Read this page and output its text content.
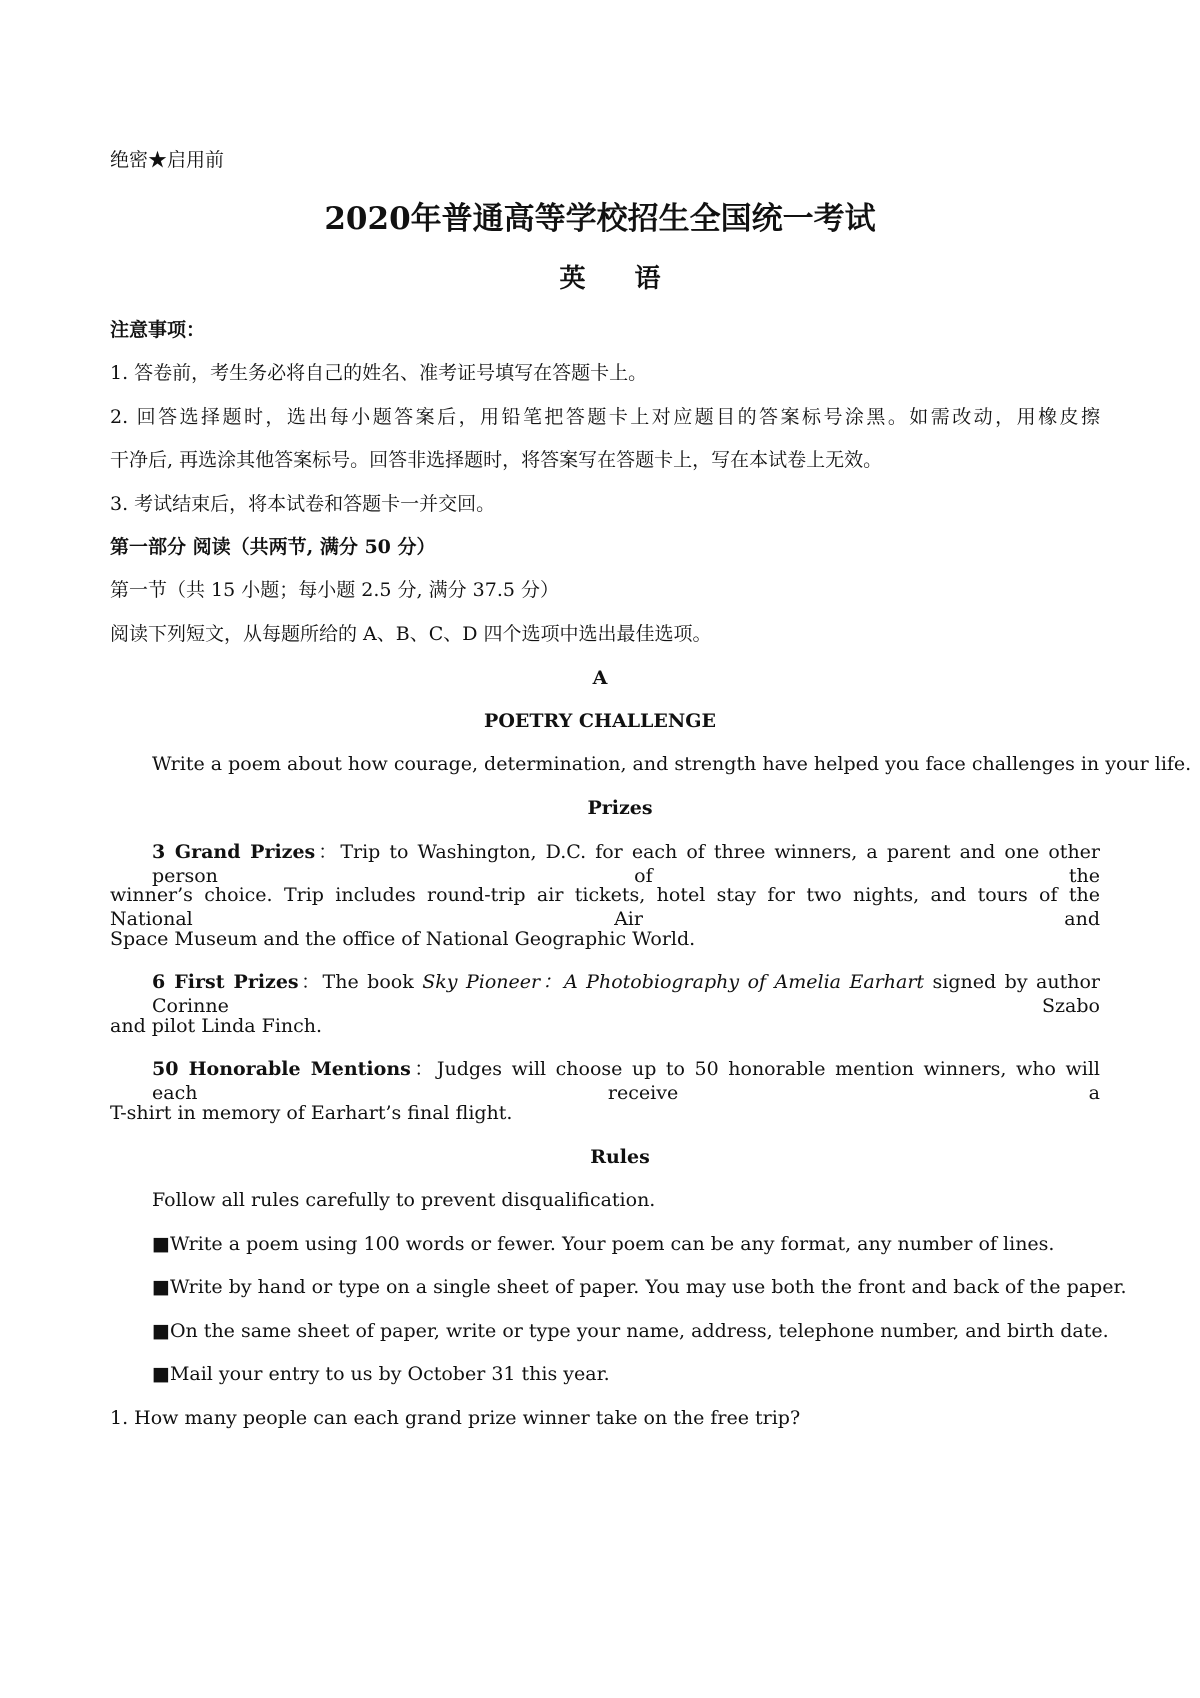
绝密★启用前
2020年普通高等学校招生全国统一考试
英 语
注意事项：
1. 答卷前，考生务必将自己的姓名、准考证号填写在答题卡上。
2. 回答选择题时，选出每小题答案后，用铅笔把答题卡上对应题目的答案标号涂黑。如需改动，用橡皮擦
干净后, 再选涂其他答案标号。回答非选择题时，将答案写在答题卡上，写在本试卷上无效。
3. 考试结束后，将本试卷和答题卡一并交回。
第一部分 阅读（共两节, 满分 50 分）
第一节（共 15 小题；每小题 2.5 分, 满分 37.5 分）
阅读下列短文，从每题所给的 A、B、C、D 四个选项中选出最佳选项。
A
POETRY CHALLENGE
Write a poem about how courage, determination, and strength have helped you face challenges in your life.
Prizes
3 Grand Prizes：Trip to Washington, D.C. for each of three winners, a parent and one other person of the
winner’s choice. Trip includes round-trip air tickets, hotel stay for two nights, and tours of the National Air and
Space Museum and the office of National Geographic World.
6 First Prizes：The book Sky Pioneer：A Photobiography of Amelia Earhart signed by author Corinne Szabo
and pilot Linda Finch.
50 Honorable Mentions：Judges will choose up to 50 honorable mention winners, who will each receive a
T-shirt in memory of Earhart’s final flight.
Rules
Follow all rules carefully to prevent disqualification.
■Write a poem using 100 words or fewer. Your poem can be any format, any number of lines.
■Write by hand or type on a single sheet of paper. You may use both the front and back of the paper.
■On the same sheet of paper, write or type your name, address, telephone number, and birth date.
■Mail your entry to us by October 31 this year.
1. How many people can each grand prize winner take on the free trip?
